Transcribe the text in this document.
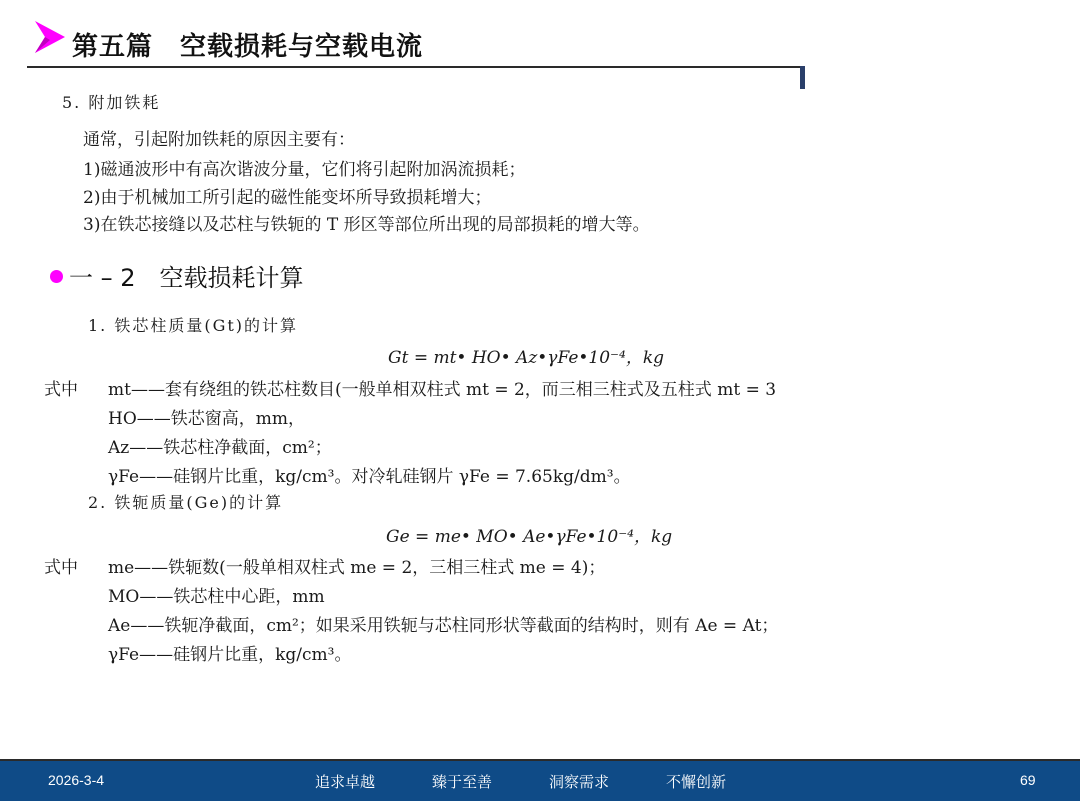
第五篇　空载损耗与空载电流
5. 附加铁耗
通常，引起附加铁耗的原因主要有：
1)磁通波形中有高次谐波分量，它们将引起附加涡流损耗；
2)由于机械加工所引起的磁性能变坏所导致损耗增大；
3)在铁芯接缝以及芯柱与铁轭的 T 形区等部位所出现的局部损耗的增大等。
一 – 2　空载损耗计算
1. 铁芯柱质量(Gt)的计算
Gt = mt• HO• Az•γFe•10⁻⁴，kg
式中 mt——套有绕组的铁芯柱数目(一般单相双柱式 mt = 2，而三相三柱式及五柱式 mt = 3
HO——铁芯窗高，mm，
Az——铁芯柱净截面，cm²；
γFe——硅钢片比重，kg/cm³。对冷轧硅钢片 γFe = 7.65kg/dm³。
2. 铁轭质量(Ge)的计算
Ge = me• MO• Ae•γFe•10⁻⁴，kg
式中 me——铁轭数(一般单相双柱式 me = 2，三相三柱式 me = 4)；
MO——铁芯柱中心距，mm
Ae——铁轭净截面，cm²；如果采用铁轭与芯柱同形状等截面的结构时，则有 Ae = At；
γFe——硅钢片比重，kg/cm³。
2026-3-4	追求卓越	臻于至善	洞察需求	不懈创新	69
